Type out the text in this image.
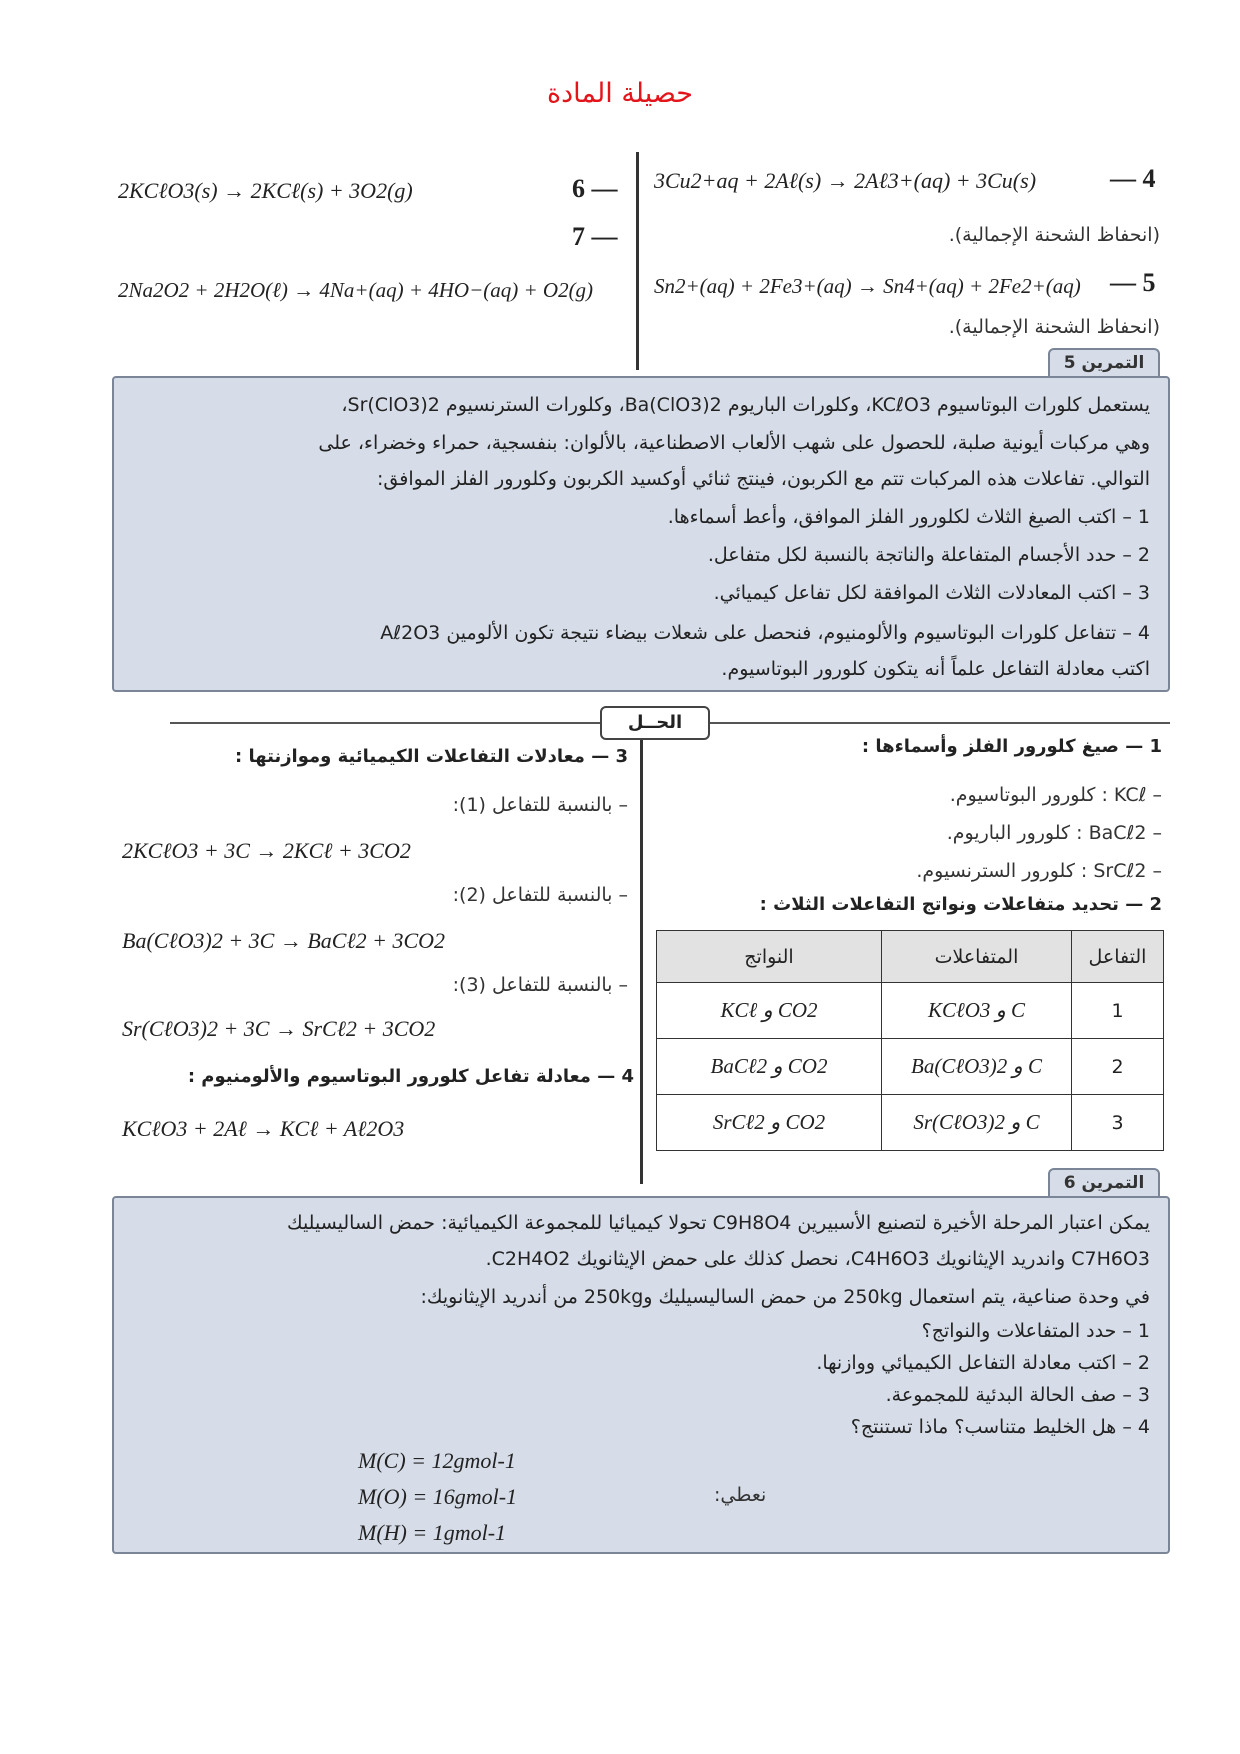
حصيلة المادة
6 —
2KCℓO3(s) → 2KCℓ(s) + 3O2(g)
7 —
2Na2O2 + 2H2O(ℓ) → 4Na+(aq) + 4HO−(aq) + O2(g)
3Cu2+aq + 2Aℓ(s) → 2Aℓ3+(aq) + 3Cu(s)	— 4
(انحفاظ الشحنة الإجمالية).
Sn2+(aq) + 2Fe3+(aq) → Sn4+(aq) + 2Fe2+(aq) — 5
(انحفاظ الشحنة الإجمالية).
التمرين 5
يستعمل كلورات البوتاسيوم KCℓO3، وكلورات الباريوم Ba(ClO3)2، وكلورات السترنسيوم Sr(ClO3)2،
وهي مركبات أيونية صلبة، للحصول على شهب الألعاب الاصطناعية، بالألوان: بنفسجية، حمراء وخضراء، على
التوالي. تفاعلات هذه المركبات تتم مع الكربون، فينتج ثنائي أوكسيد الكربون وكلورور الفلز الموافق:
1 – اكتب الصيغ الثلاث لكلورور الفلز الموافق، وأعط أسماءها.
2 – حدد الأجسام المتفاعلة والناتجة بالنسبة لكل متفاعل.
3 – اكتب المعادلات الثلاث الموافقة لكل تفاعل كيميائي.
4 – تتفاعل كلورات البوتاسيوم والألومنيوم، فنحصل على شعلات بيضاء نتيجة تكون الألومين Aℓ2O3
اكتب معادلة التفاعل علماً أنه يتكون كلورور البوتاسيوم.
الحــل
1 — صيغ كلورور الفلز وأسماءها :
– KCℓ : كلورور البوتاسيوم.
– BaCℓ2 : كلورور الباريوم.
– SrCℓ2 : كلورور السترنسيوم.
2 — تحديد متفاعلات ونواتج التفاعلات الثلاث :
التفاعل	المتفاعلات	النواتج
1	C و KCℓO3	CO2 و KCℓ
2	C و Ba(CℓO3)2	CO2 و BaCℓ2
3	C و Sr(CℓO3)2	CO2 و SrCℓ2
3 — معادلات التفاعلات الكيميائية وموازنتها :
– بالنسبة للتفاعل (1):
2KCℓO3 + 3C → 2KCℓ + 3CO2
– بالنسبة للتفاعل (2):
Ba(CℓO3)2 + 3C → BaCℓ2 + 3CO2
– بالنسبة للتفاعل (3):
Sr(CℓO3)2 + 3C → SrCℓ2 + 3CO2
4 — معادلة تفاعل كلورور البوتاسيوم والألومنيوم :
KCℓO3 + 2Aℓ → KCℓ + Aℓ2O3
التمرين 6
يمكن اعتبار المرحلة الأخيرة لتصنيع الأسبيرين C9H8O4 تحولا كيميائيا للمجموعة الكيميائية: حمض الساليسيليك
C7H6O3 واندريد الإيثانويك C4H6O3، نحصل كذلك على حمض الإيثانويك C2H4O2.
في وحدة صناعية، يتم استعمال 250kg من حمض الساليسيليك و250kg من أندريد الإيثانويك:
1 – حدد المتفاعلات والنواتج؟
2 – اكتب معادلة التفاعل الكيميائي ووازنها.
3 – صف الحالة البدئية للمجموعة.
4 – هل الخليط متناسب؟ ماذا تستنتج؟
نعطي:
M(C) = 12gmol-1
M(O) = 16gmol-1
M(H) = 1gmol-1
